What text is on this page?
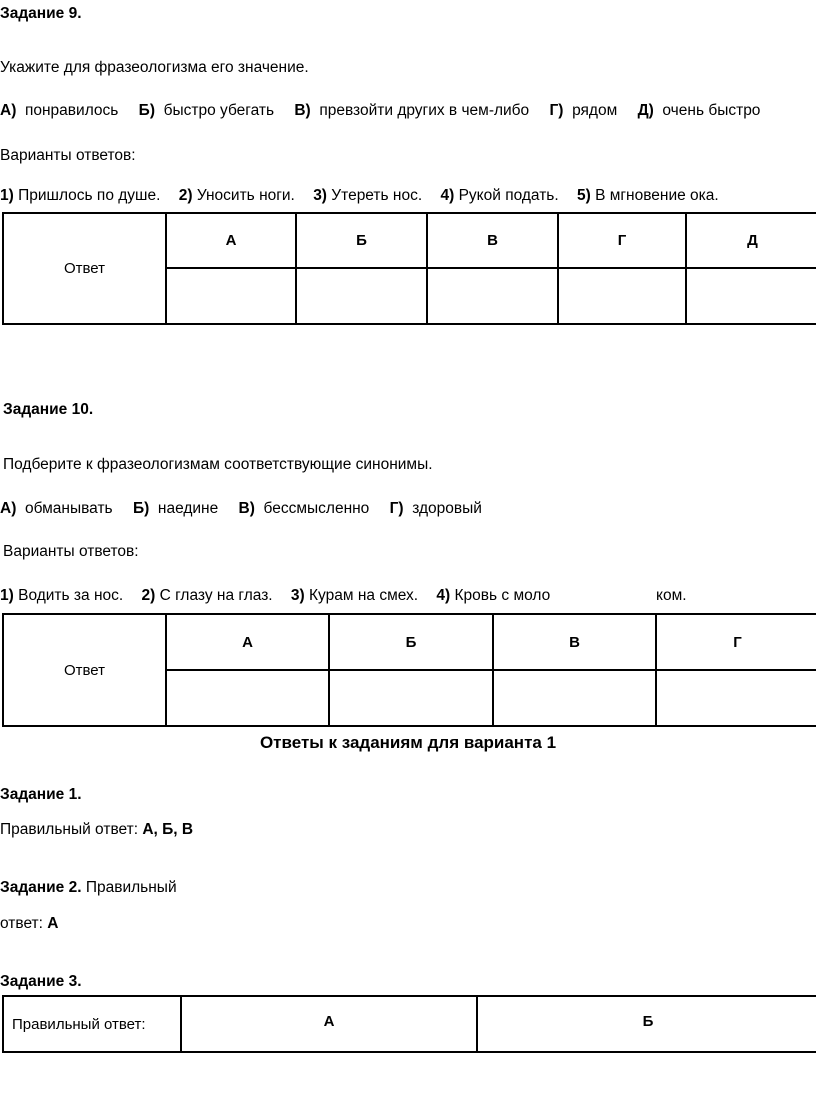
Задание 9.
Укажите для фразеологизма его значение.
А) понравилось Б) быстро убегать В) превзойти других в чем-либо Г) рядом Д) очень быстро
Варианты ответов:
1) Пришлось по душе. 2) Уносить ноги. 3) Утереть нос. 4) Рукой подать. 5) В мгновение ока.
Ответ	А	Б	В	Г	Д

Задание 10.
Подберите к фразеологизмам соответствующие синонимы.
А) обманывать Б) наедине В) бессмысленно Г) здоровый
Варианты ответов:
1) Водить за нос. 2) С глазу на глаз. 3) Курам на смех. 4) Кровь с моло	ком.
Ответ	А	Б	В	Г

Ответы к заданиям для варианта 1
Задание 1.
Правильный ответ: А, Б, В
Задание 2. Правильный
ответ: А
Задание 3.
Правильный ответ:	А	Б
